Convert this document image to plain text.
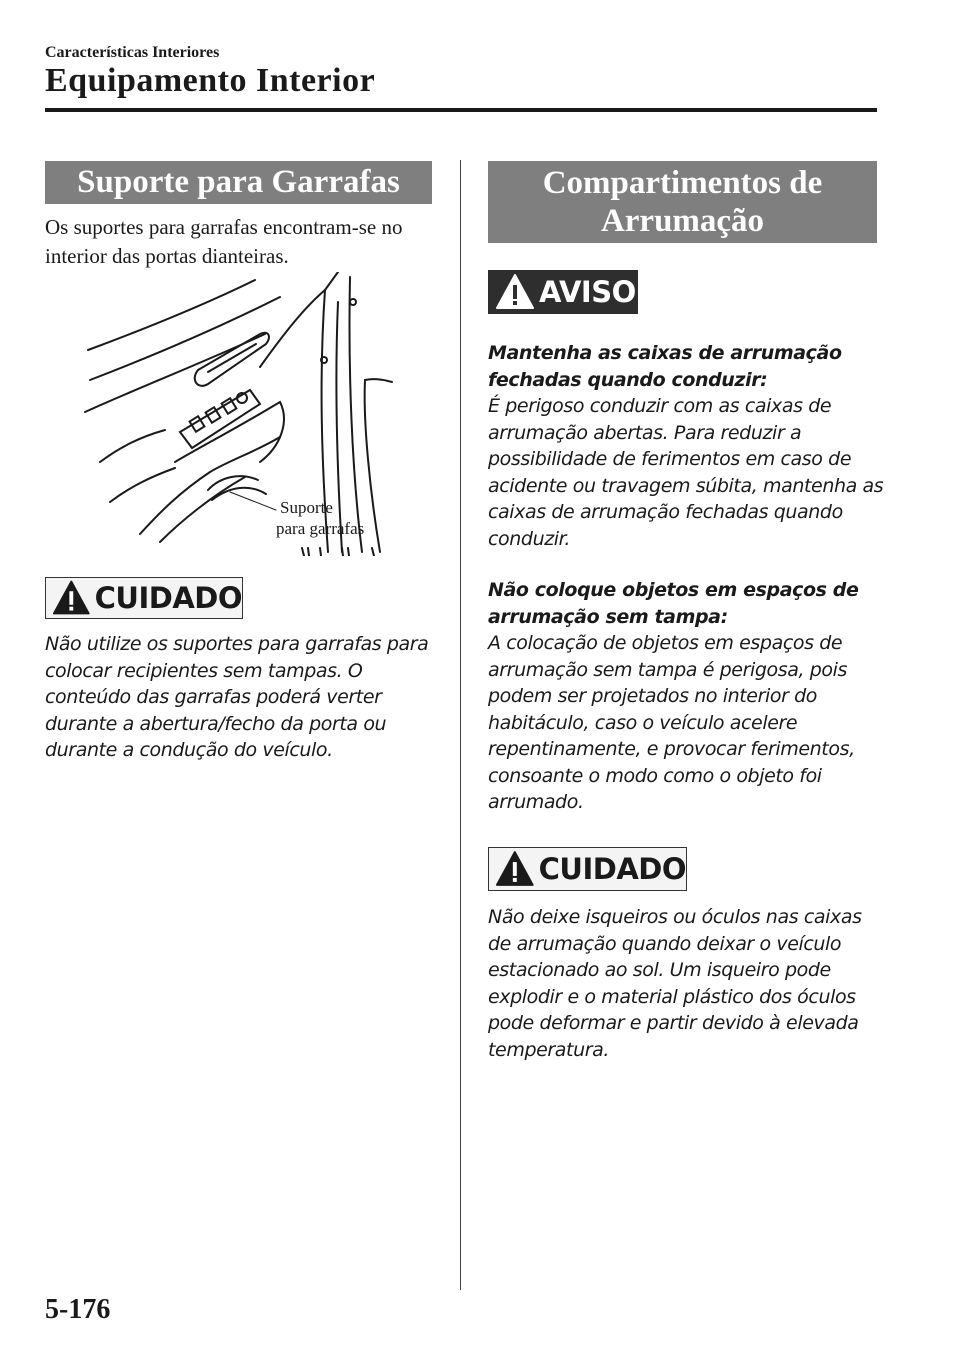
Características Interiores
Equipamento Interior
Suporte para Garrafas
Os suportes para garrafas encontram-se no interior das portas dianteiras.
Suporte
para garrafas
CUIDADO
Não utilize os suportes para garrafas para colocar recipientes sem tampas. O conteúdo das garrafas poderá verter durante a abertura/fecho da porta ou durante a condução do veículo.
Compartimentos de
Arrumação
AVISO
Mantenha as caixas de arrumação fechadas quando conduzir:
É perigoso conduzir com as caixas de arrumação abertas. Para reduzir a possibilidade de ferimentos em caso de acidente ou travagem súbita, mantenha as caixas de arrumação fechadas quando conduzir.
Não coloque objetos em espaços de arrumação sem tampa:
A colocação de objetos em espaços de arrumação sem tampa é perigosa, pois podem ser projetados no interior do habitáculo, caso o veículo acelere repentinamente, e provocar ferimentos, consoante o modo como o objeto foi arrumado.
CUIDADO
Não deixe isqueiros ou óculos nas caixas de arrumação quando deixar o veículo estacionado ao sol. Um isqueiro pode explodir e o material plástico dos óculos pode deformar e partir devido à elevada temperatura.
5-176
